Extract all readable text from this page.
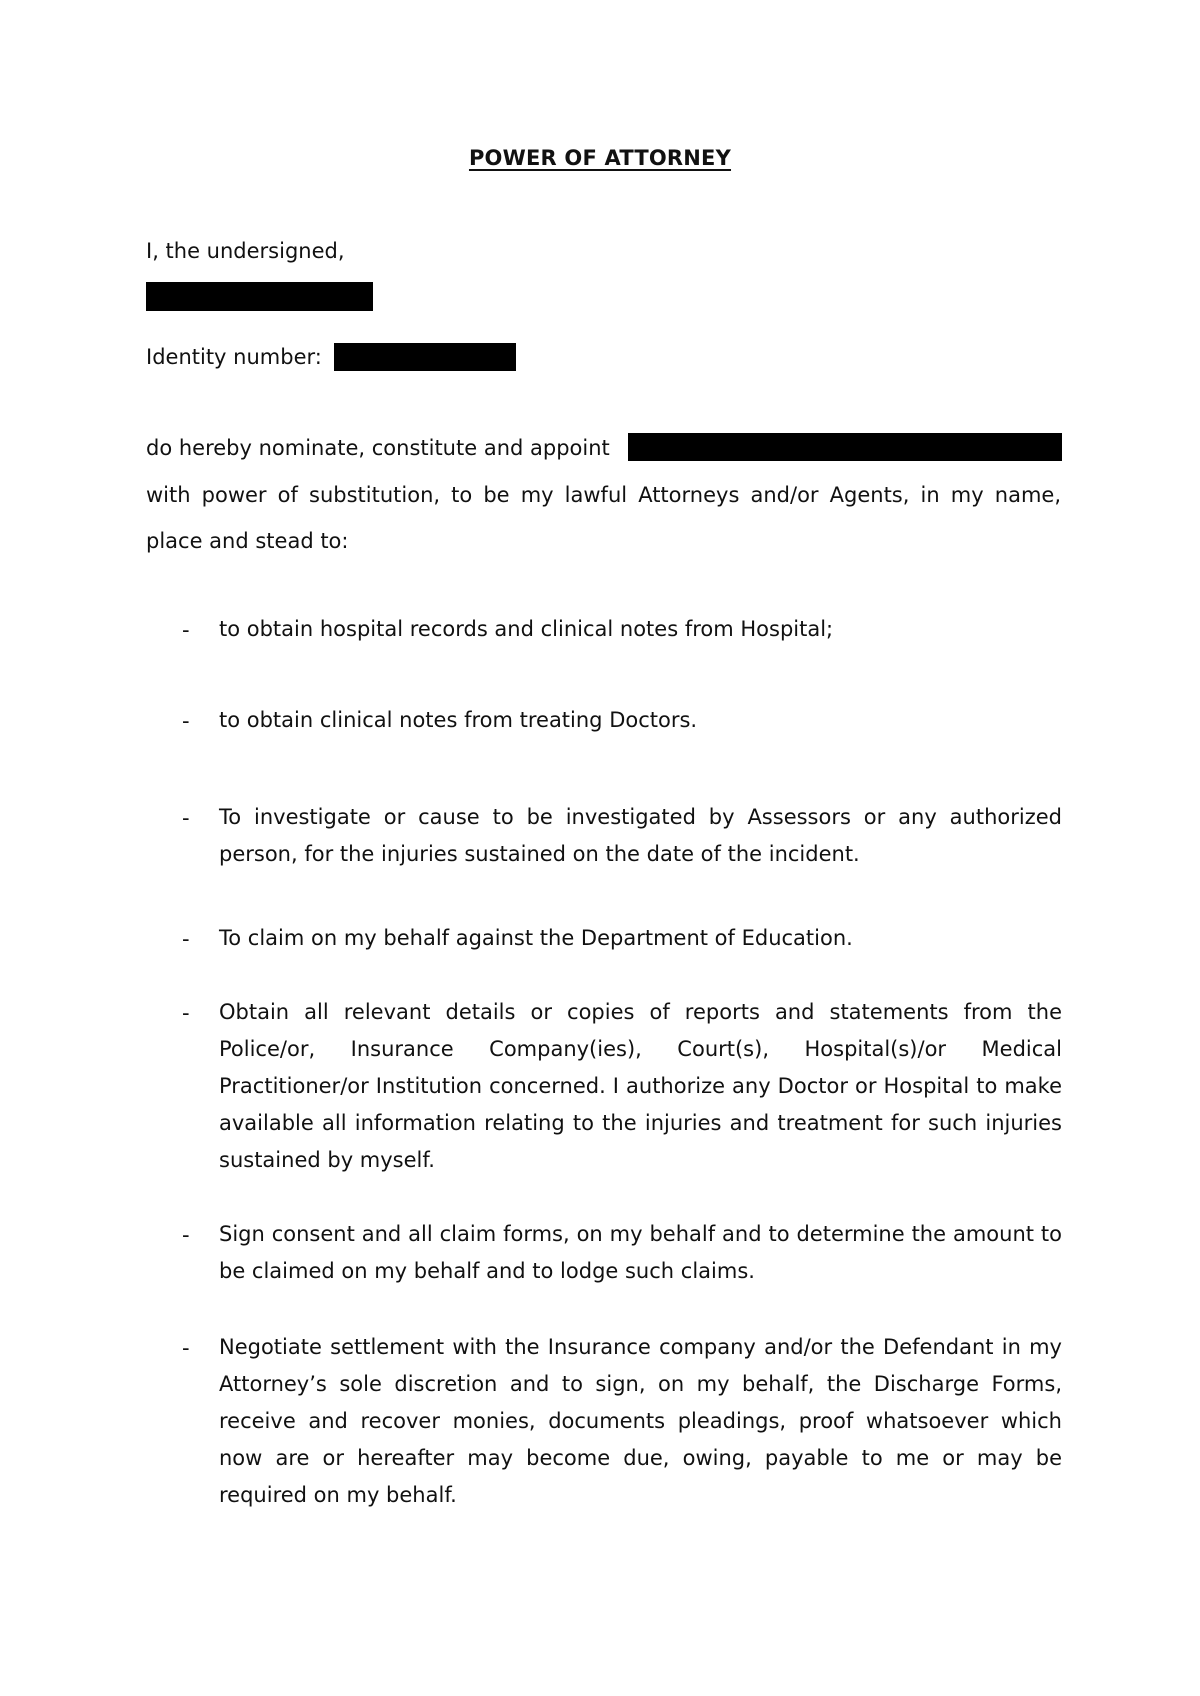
POWER OF ATTORNEY
I, the undersigned,
Identity number:
do hereby nominate, constitute and appoint
with power of substitution, to be my lawful Attorneys and/or Agents, in my name, place and stead to:
- to obtain hospital records and clinical notes from Hospital;
- to obtain clinical notes from treating Doctors.
- To investigate or cause to be investigated by Assessors or any authorized person, for the injuries sustained on the date of the incident.
- To claim on my behalf against the Department of Education.
- Obtain all relevant details or copies of reports and statements from the Police/or, Insurance Company(ies), Court(s), Hospital(s)/or Medical Practitioner/or Institution concerned. I authorize any Doctor or Hospital to make available all information relating to the injuries and treatment for such injuries sustained by myself.
- Sign consent and all claim forms, on my behalf and to determine the amount to be claimed on my behalf and to lodge such claims.
- Negotiate settlement with the Insurance company and/or the Defendant in my Attorney’s sole discretion and to sign, on my behalf, the Discharge Forms, receive and recover monies, documents pleadings, proof whatsoever which now are or hereafter may become due, owing, payable to me or may be required on my behalf.
